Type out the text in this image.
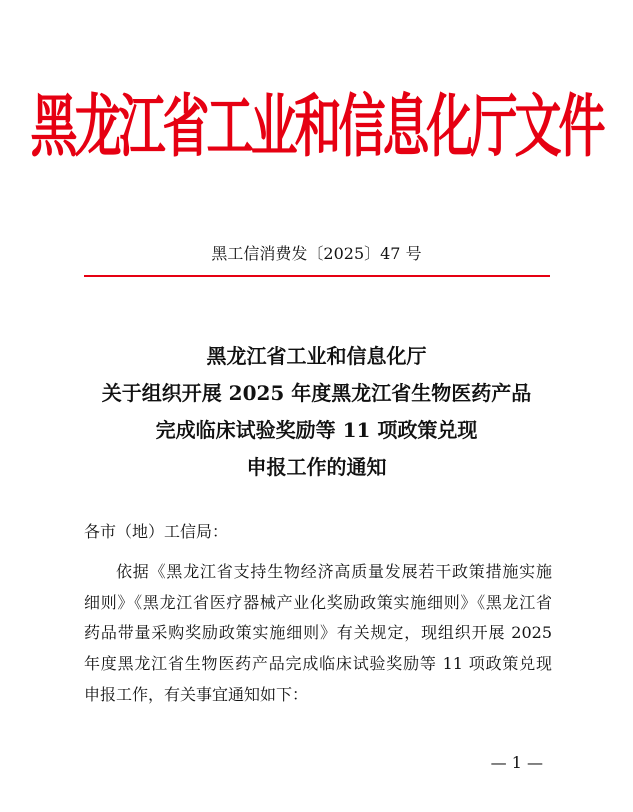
黑龙江省工业和信息化厅文件
黑工信消费发〔2025〕47 号
黑龙江省工业和信息化厅
关于组织开展 2025 年度黑龙江省生物医药产品
完成临床试验奖励等 11 项政策兑现
申报工作的通知
各市（地）工信局：
依据《黑龙江省支持生物经济高质量发展若干政策措施实施
细则》《黑龙江省医疗器械产业化奖励政策实施细则》《黑龙江省
药品带量采购奖励政策实施细则》有关规定，现组织开展 2025
年度黑龙江省生物医药产品完成临床试验奖励等 11 项政策兑现
申报工作，有关事宜通知如下：
— 1 —
